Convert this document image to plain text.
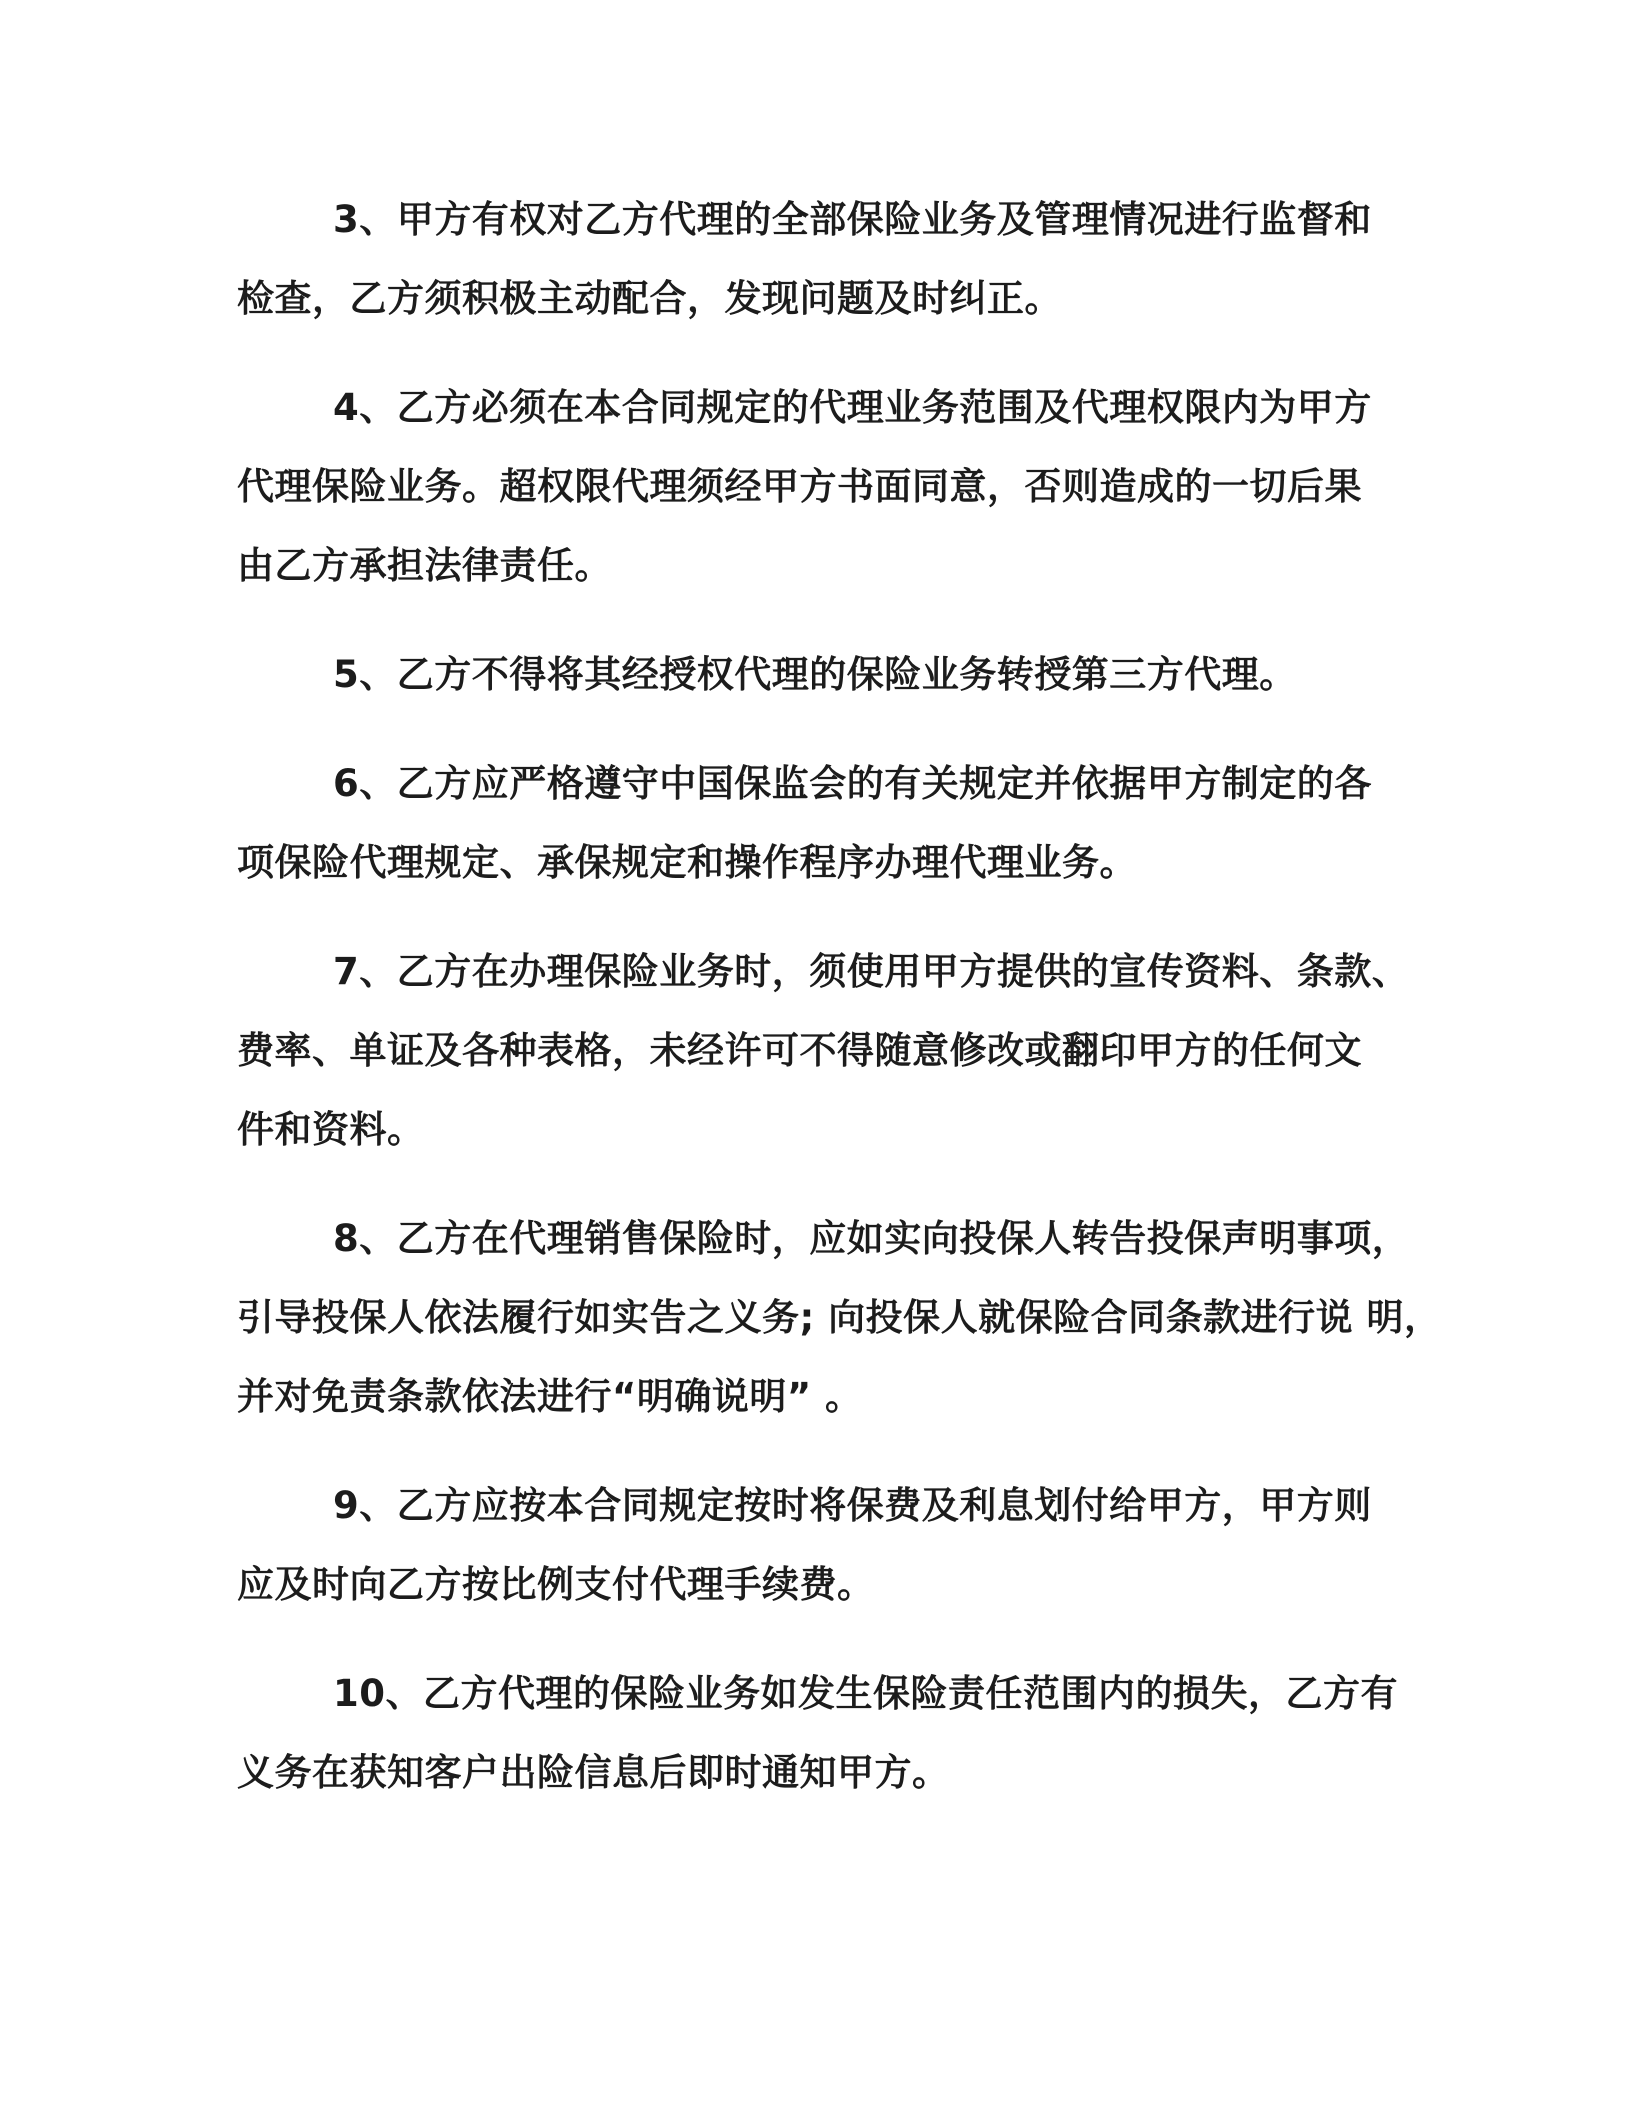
3、甲方有权对乙方代理的全部保险业务及管理情况进行监督和
检查，乙方须积极主动配合，发现问题及时纠正。
4、乙方必须在本合同规定的代理业务范围及代理权限内为甲方
代理保险业务。超权限代理须经甲方书面同意，否则造成的一切后果
由乙方承担法律责任。
5、乙方不得将其经授权代理的保险业务转授第三方代理。
6、乙方应严格遵守中国保监会的有关规定并依据甲方制定的各
项保险代理规定、承保规定和操作程序办理代理业务。
7、乙方在办理保险业务时，须使用甲方提供的宣传资料、条款、
费率、单证及各种表格，未经许可不得随意修改或翻印甲方的任何文
件和资料。
8、乙方在代理销售保险时，应如实向投保人转告投保声明事项，
引导投保人依法履行如实告之义务; 向投保人就保险合同条款进行说 明，
并对免责条款依法进行“明确说明” 。
9、乙方应按本合同规定按时将保费及利息划付给甲方，甲方则
应及时向乙方按比例支付代理手续费。
10、乙方代理的保险业务如发生保险责任范围内的损失，乙方有
义务在获知客户出险信息后即时通知甲方。
